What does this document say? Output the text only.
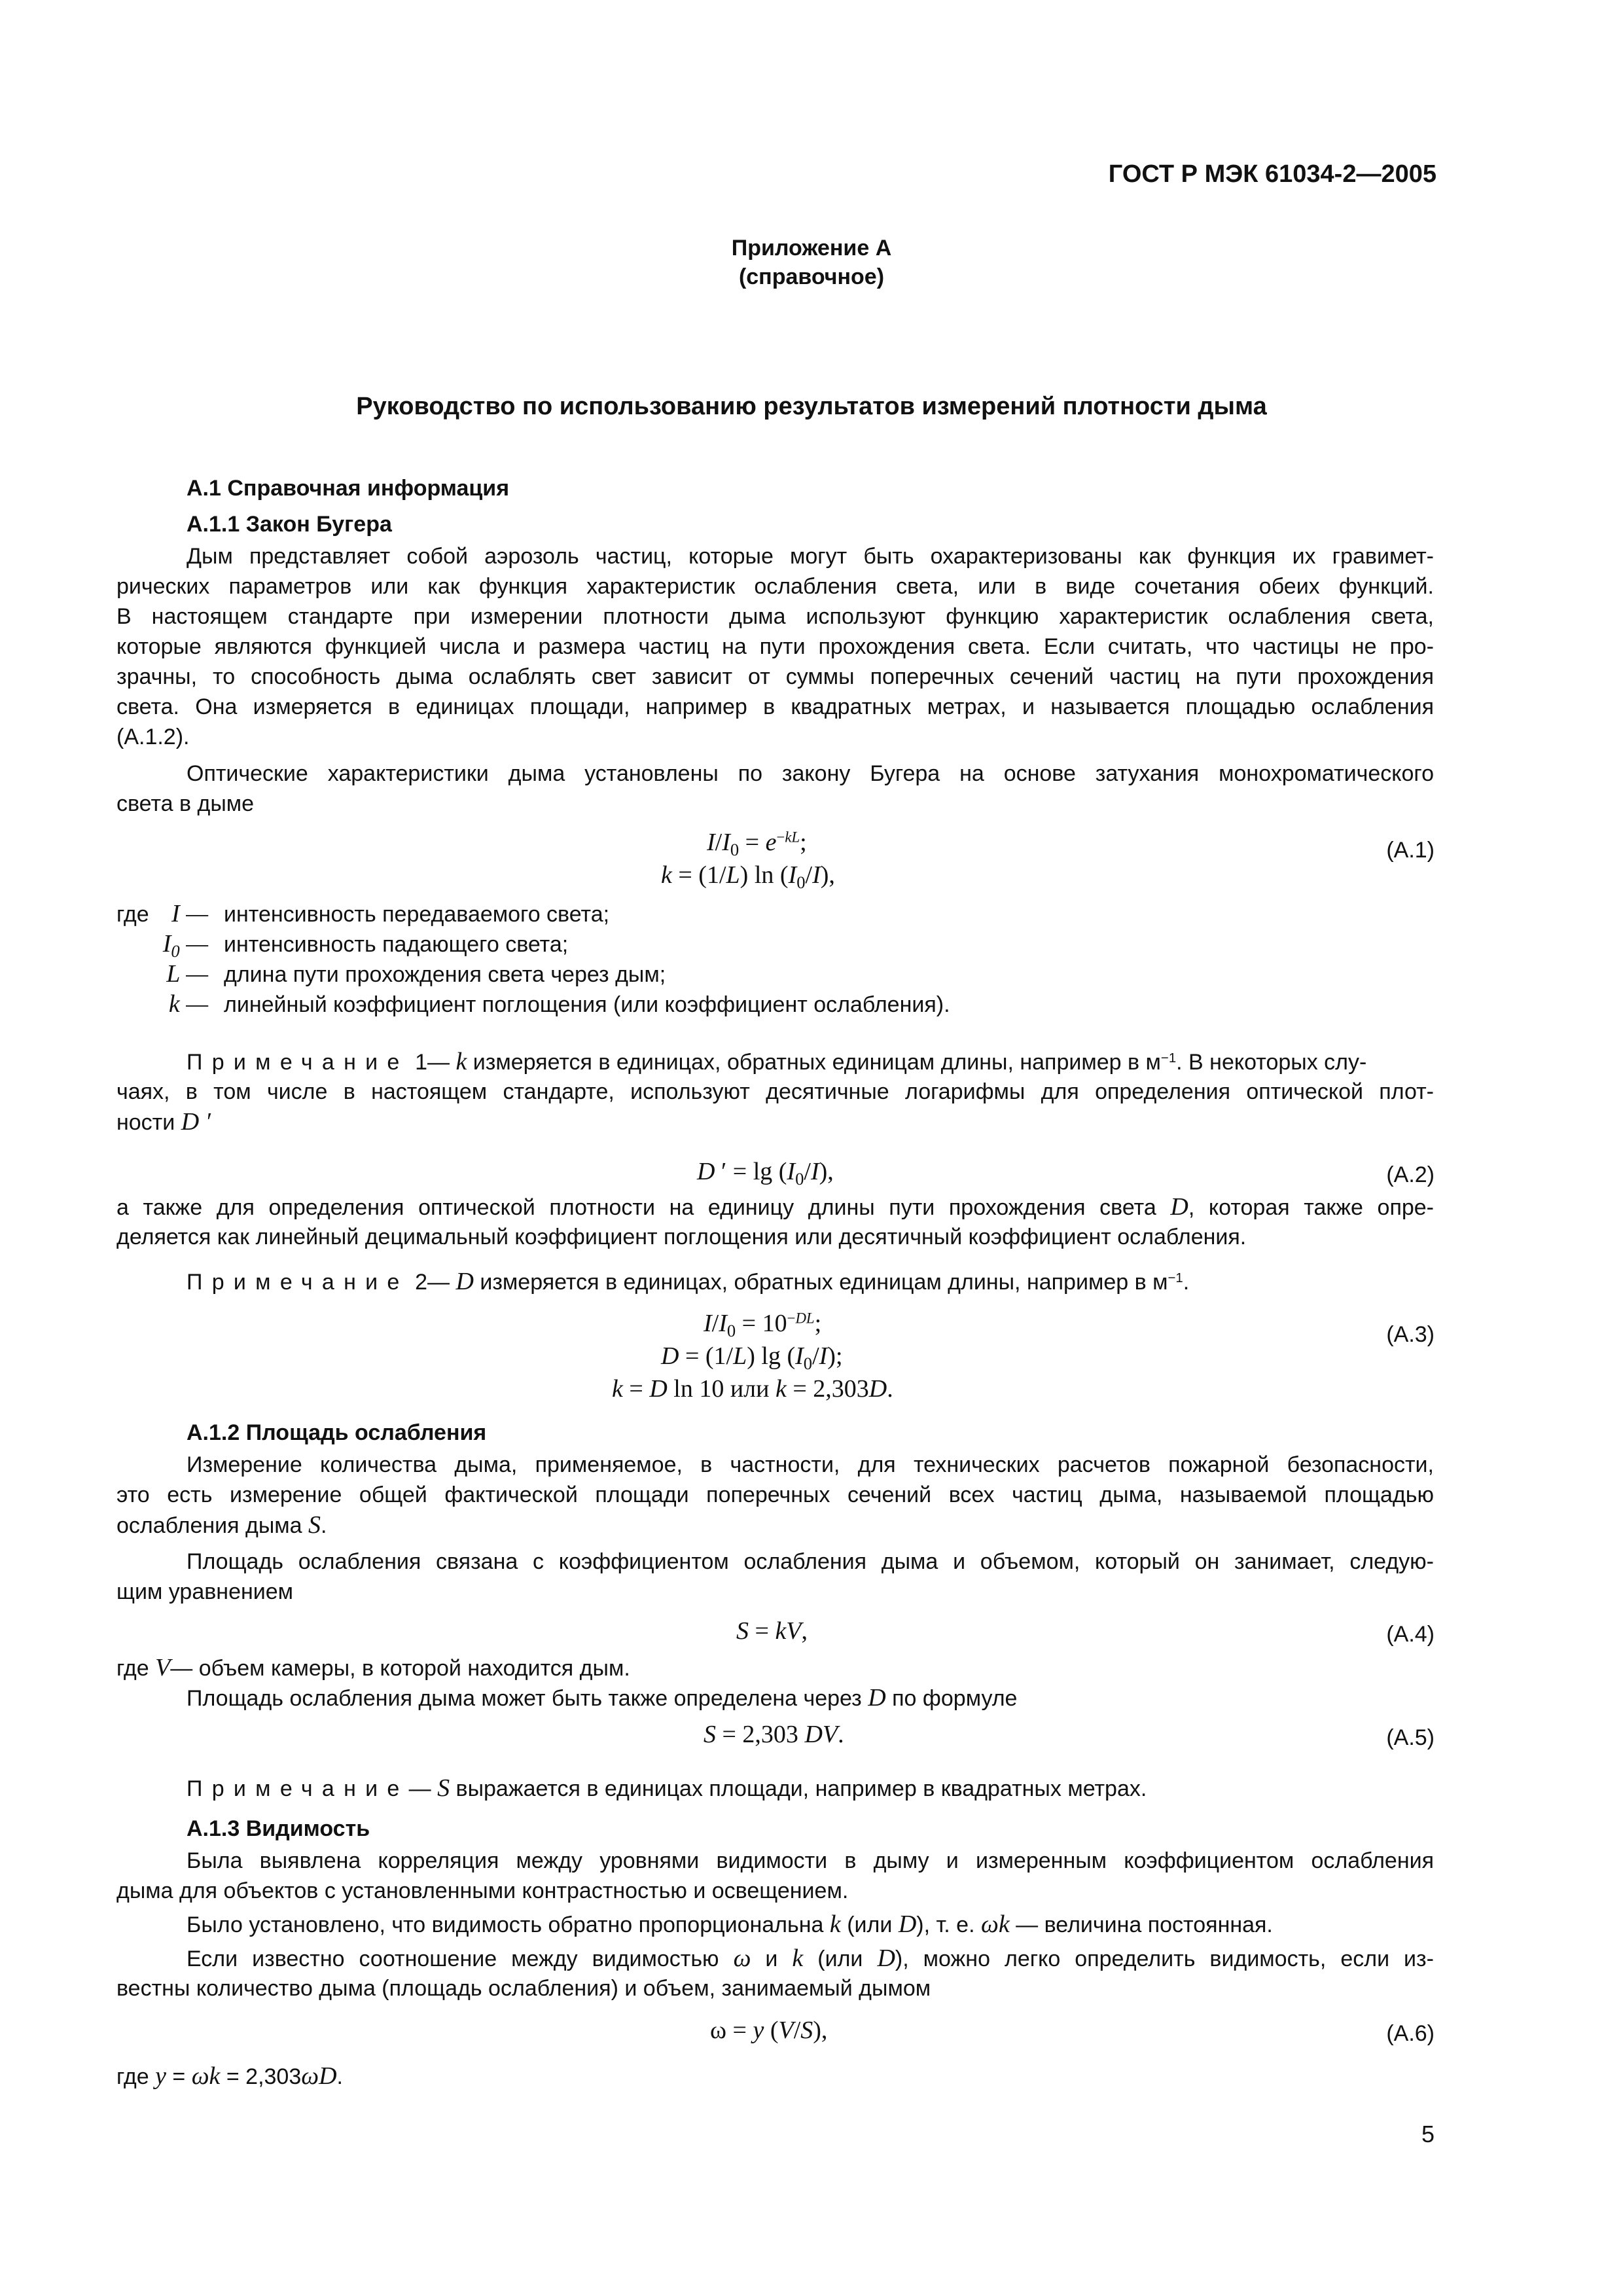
ГОСТ Р МЭК 61034-2—2005
Приложение А
(справочное)
Руководство по использованию результатов измерений плотности дыма
А.1 Справочная информация
А.1.1 Закон Бугера
Дым представляет собой аэрозоль частиц, которые могут быть охарактеризованы как функция их гравимет-
рических параметров или как функция характеристик ослабления света, или в виде сочетания обеих функций.
В настоящем стандарте при измерении плотности дыма используют функцию характеристик ослабления света,
которые являются функцией числа и размера частиц на пути прохождения света. Если считать, что частицы не про-
зрачны, то способность дыма ослаблять свет зависит от суммы поперечных сечений частиц на пути прохождения
света. Она измеряется в единицах площади, например в квадратных метрах, и называется площадью ослабления
(А.1.2).
Оптические характеристики дыма установлены по закону Бугера на основе затухания монохроматического
света в дыме
$I/I_0 = e^{-kL}$;
k = (1/L) $\ln (I_0/I)$,
(А.1)
где I — интенсивность передаваемого света;
$I_0$ — интенсивность падающего света;
L — длина пути прохождения света через дым;
k — линейный коэффициент поглощения (или коэффициент ослабления).
Примечание 1— k измеряется в единицах, обратных единицам длины, например в $м^{-1}$. В некоторых слу-
чаях, в том числе в настоящем стандарте, используют десятичные логарифмы для определения оптической плот-
ности D ′
D ′ = $\lg (I_0/I)$,	(А.2)
а также для определения оптической плотности на единицу длины пути прохождения света D, которая также опре-
деляется как линейный децимальный коэффициент поглощения или десятичный коэффициент ослабления.
Примечание 2— D измеряется в единицах, обратных единицам длины, например в $м^{-1}$.
$I/I_0 = 10^{-DL}$;
D = (1/L) $\lg (I_0/I)$;
k = D ln 10 или k = 2,303D.
(А.3)
А.1.2 Площадь ослабления
Измерение количества дыма, применяемое, в частности, для технических расчетов пожарной безопасности,
это есть измерение общей фактической площади поперечных сечений всех частиц дыма, называемой площадью
ослабления дыма S.
Площадь ослабления связана с коэффициентом ослабления дыма и объемом, который он занимает, следую-
щим уравнением
S = kV,	(А.4)
где V— объем камеры, в которой находится дым.
Площадь ослабления дыма может быть также определена через D по формуле
S = 2,303 DV.	(А.5)
Примечание— S выражается в единицах площади, например в квадратных метрах.
А.1.3 Видимость
Была выявлена корреляция между уровнями видимости в дыму и измеренным коэффициентом ослабления
дыма для объектов с установленными контрастностью и освещением.
Было установлено, что видимость обратно пропорциональна k (или D), т. е. ωk — величина постоянная.
Если известно соотношение между видимостью ω и k (или D), можно легко определить видимость, если из-
вестны количество дыма (площадь ослабления) и объем, занимаемый дымом
ω = y (V/S),	(А.6)
где y = ωk = 2,303ωD.
5
